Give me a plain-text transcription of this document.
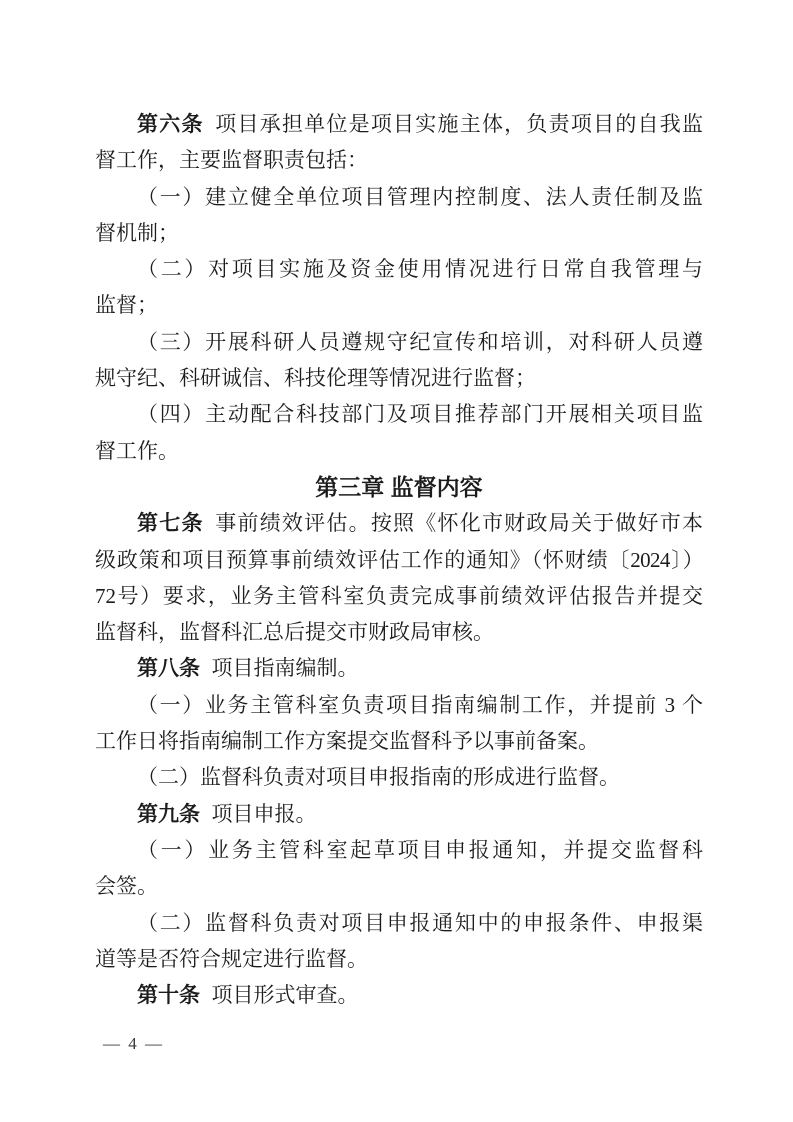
第六条 项目承担单位是项目实施主体，负责项目的自我监
督工作，主要监督职责包括：
（一）建立健全单位项目管理内控制度、法人责任制及监
督机制；
（二）对项目实施及资金使用情况进行日常自我管理与
监督；
（三）开展科研人员遵规守纪宣传和培训，对科研人员遵
规守纪、科研诚信、科技伦理等情况进行监督；
（四）主动配合科技部门及项目推荐部门开展相关项目监
督工作。
第三章 监督内容
第七条 事前绩效评估。按照《怀化市财政局关于做好市本
级政策和项目预算事前绩效评估工作的通知》（怀财绩〔2024〕）
72号）要求，业务主管科室负责完成事前绩效评估报告并提交
监督科，监督科汇总后提交市财政局审核。
第八条 项目指南编制。
（一）业务主管科室负责项目指南编制工作，并提前 3 个
工作日将指南编制工作方案提交监督科予以事前备案。
（二）监督科负责对项目申报指南的形成进行监督。
第九条 项目申报。
（一）业务主管科室起草项目申报通知，并提交监督科
会签。
（二）监督科负责对项目申报通知中的申报条件、申报渠
道等是否符合规定进行监督。
第十条 项目形式审查。
— 4 —
